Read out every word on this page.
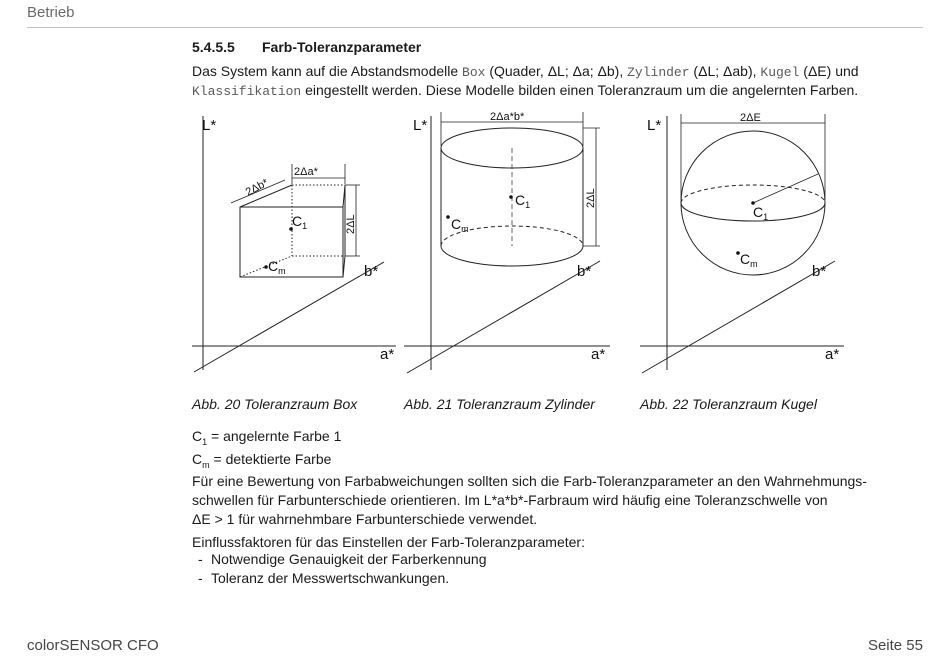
Betrieb
5.4.5.5 Farb-Toleranzparameter
Das System kann auf die Abstandsmodelle Box (Quader, ΔL; Δa; Δb), Zylinder (ΔL; Δab), Kugel (ΔE) und
Klassifikation eingestellt werden. Diese Modelle bilden einen Toleranzraum um die angelernten Farben.
L*
a*
b*
2Δa*
2Δb*
2ΔL
$C_1$
$C_m$
L*
a*
b*
2Δa*b*
2ΔL
$C_1$
$C_m$
L*
a*
b*
2ΔE
$C_1$
$C_m$
Abb. 20 Toleranzraum Box	Abb. 21 Toleranzraum Zylinder	Abb. 22 Toleranzraum Kugel
$C_1$ = angelernte Farbe 1
$C_m$ = detektierte Farbe
Für eine Bewertung von Farbabweichungen sollten sich die Farb-Toleranzparameter an den Wahrnehmungs-
schwellen für Farbunterschiede orientieren. Im L*a*b*-Farbraum wird häufig eine Toleranzschwelle von
ΔE > 1 für wahrnehmbare Farbunterschiede verwendet.
Einflussfaktoren für das Einstellen der Farb-Toleranzparameter:
- Notwendige Genauigkeit der Farberkennung
- Toleranz der Messwertschwankungen.
colorSENSOR CFO	Seite 55
